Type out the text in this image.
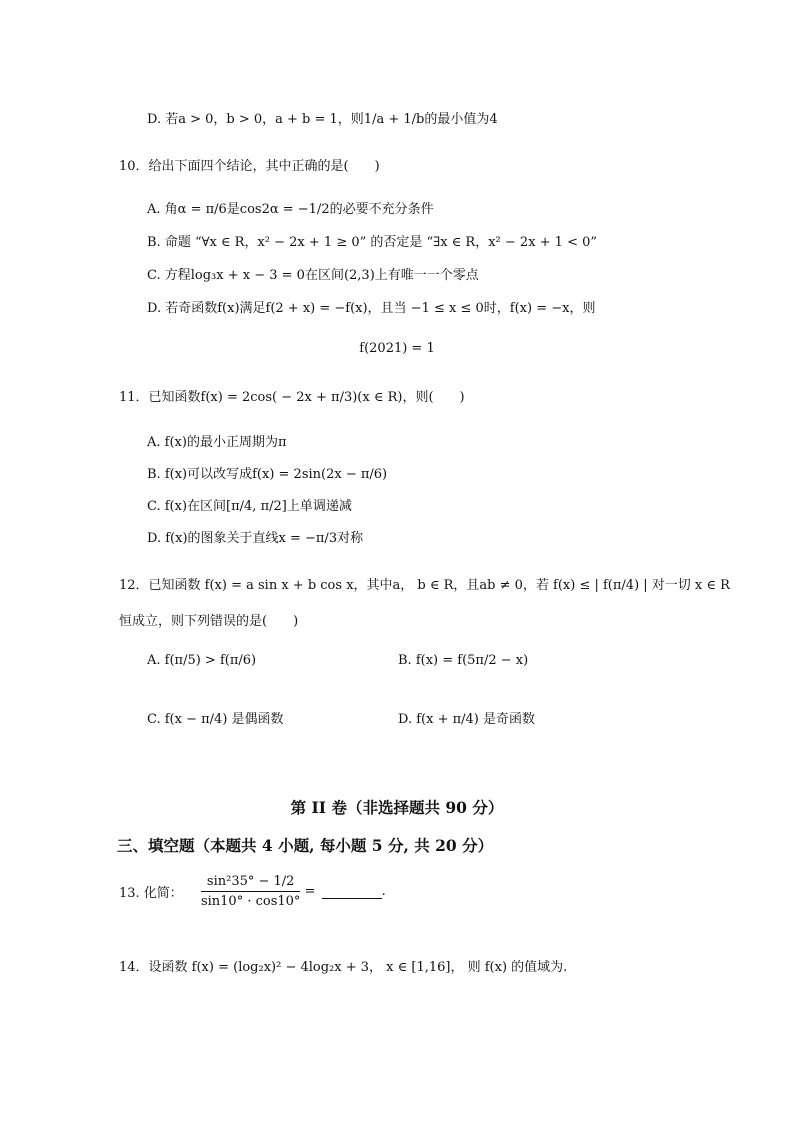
D. 若a > 0，b > 0，a + b = 1，则1/a + 1/b的最小值为4
10．给出下面四个结论，其中正确的是(　　)
A. 角α = π/6是cos2α = −1/2的必要不充分条件
B. 命题 “∀x ∈ R，x² − 2x + 1 ≥ 0” 的否定是 “∃x ∈ R，x² − 2x + 1 < 0”
C. 方程log₃x + x − 3 = 0在区间(2,3)上有唯一一个零点
D. 若奇函数f(x)满足f(2 + x) = −f(x)，且当 −1 ≤ x ≤ 0时，f(x) = −x，则
f(2021) = 1
11．已知函数f(x) = 2cos( − 2x + π/3)(x ∈ R)，则(　　)
A. f(x)的最小正周期为π
B. f(x)可以改写成f(x) = 2sin(2x − π/6)
C. f(x)在区间[π/4, π/2]上单调递减
D. f(x)的图象关于直线x = −π/3对称
12．已知函数 f(x) = a sin x + b cos x，其中a， b ∈ R，且ab ≠ 0，若 f(x) ≤ | f(π/4) | 对一切 x ∈ R
恒成立，则下列错误的是(　　)
A. f(π/5) > f(π/6)	B. f(x) = f(5π/2 − x)
C. f(x − π/4) 是偶函数	D. f(x + π/4) 是奇函数
第 II 卷（非选择题共 90 分）
三、填空题（本题共 4 小题, 每小题 5 分, 共 20 分）
13. 化简： $\frac{\text{sin²35° − 1/2}}{\sin 10^\circ \cdot \cos 10^\circ}$ =	.
14．设函数 f(x) = (log₂x)² − 4log₂x + 3， x ∈ [1,16]， 则 f(x) 的值域为.
